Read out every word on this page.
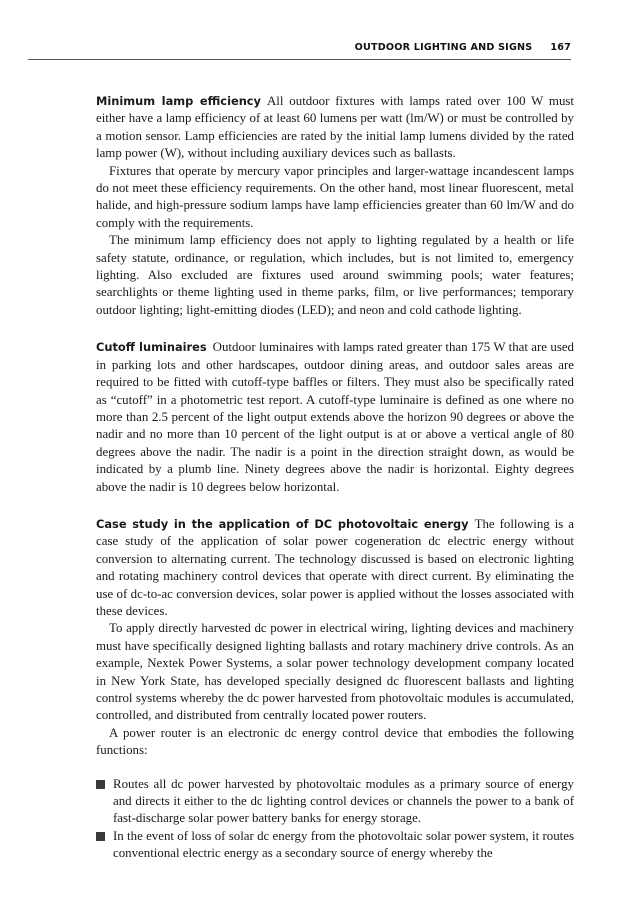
OUTDOOR LIGHTING AND SIGNS 167

Minimum lamp efficiency All outdoor fixtures with lamps rated over 100 W must either have a lamp efficiency of at least 60 lumens per watt (lm/W) or must be controlled by a motion sensor. Lamp efficiencies are rated by the initial lamp lumens divided by the rated lamp power (W), without including auxiliary devices such as ballasts.

Fixtures that operate by mercury vapor principles and larger-wattage incandescent lamps do not meet these efficiency requirements. On the other hand, most linear fluorescent, metal halide, and high-pressure sodium lamps have lamp efficiencies greater than 60 lm/W and do comply with the requirements.

The minimum lamp efficiency does not apply to lighting regulated by a health or life safety statute, ordinance, or regulation, which includes, but is not limited to, emergency lighting. Also excluded are fixtures used around swimming pools; water features; searchlights or theme lighting used in theme parks, film, or live performances; temporary outdoor lighting; light-emitting diodes (LED); and neon and cold cathode lighting.

Cutoff luminaires Outdoor luminaires with lamps rated greater than 175 W that are used in parking lots and other hardscapes, outdoor dining areas, and outdoor sales areas are required to be fitted with cutoff-type baffles or filters. They must also be specifically rated as “cutoff” in a photometric test report. A cutoff-type luminaire is defined as one where no more than 2.5 percent of the light output extends above the horizon 90 degrees or above the nadir and no more than 10 percent of the light output is at or above a vertical angle of 80 degrees above the nadir. The nadir is a point in the direction straight down, as would be indicated by a plumb line. Ninety degrees above the nadir is horizontal. Eighty degrees above the nadir is 10 degrees below horizontal.

Case study in the application of DC photovoltaic energy The following is a case study of the application of solar power cogeneration dc electric energy without conversion to alternating current. The technology discussed is based on electronic lighting and rotating machinery control devices that operate with direct current. By eliminating the use of dc-to-ac conversion devices, solar power is applied without the losses associated with these devices.

To apply directly harvested dc power in electrical wiring, lighting devices and machinery must have specifically designed lighting ballasts and rotary machinery drive controls. As an example, Nextek Power Systems, a solar power technology development company located in New York State, has developed specially designed dc fluorescent ballasts and lighting control systems whereby the dc power harvested from photovoltaic modules is accumulated, controlled, and distributed from centrally located power routers.

A power router is an electronic dc energy control device that embodies the following functions:

Routes all dc power harvested by photovoltaic modules as a primary source of energy and directs it either to the dc lighting control devices or channels the power to a bank of fast-discharge solar power battery banks for energy storage.
In the event of loss of solar dc energy from the photovoltaic solar power system, it routes conventional electric energy as a secondary source of energy whereby the
